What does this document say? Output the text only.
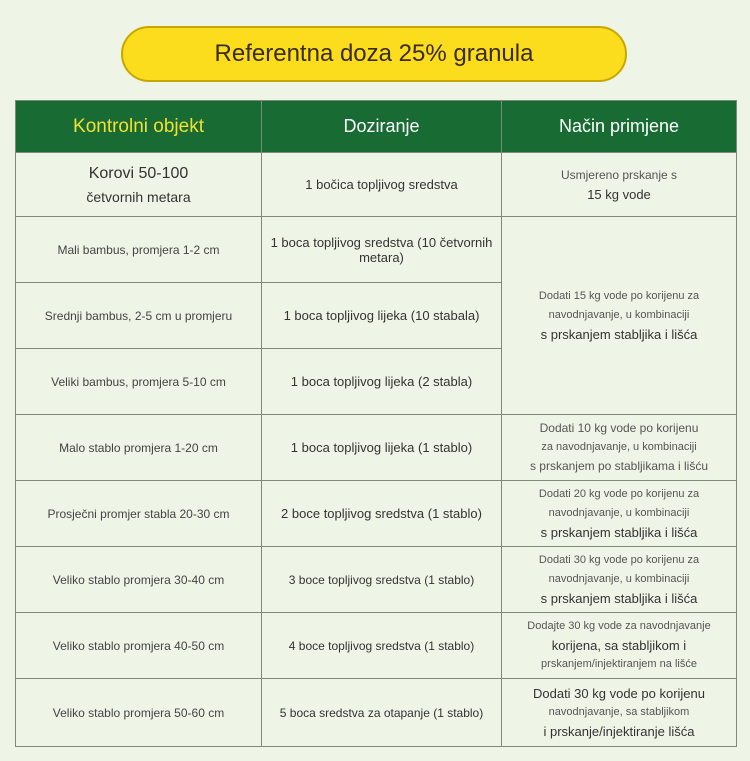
Referentna doza 25% granula
Kontrolni objekt	Doziranje	Način primjene
Korovi 50-100
četvornih metara	1 bočica topljivog sredstva	Usmjereno prskanje s
15 kg vode

Mali bambus, promjera 1-2 cm	1 boca topljivog sredstva (10 četvornih metara)	Dodati 15 kg vode po korijenu za
navodnjavanje, u kombinaciji
s prskanjem stabljika i lišća

Srednji bambus, 2-5 cm u promjeru	1 boca topljivog lijeka (10 stabala)	
Veliki bambus, promjera 5-10 cm	1 boca topljivog lijeka (2 stabla)	
Malo stablo promjera 1-20 cm	1 boca topljivog lijeka (1 stablo)	Dodati 10 kg vode po korijenu
za navodnjavanje, u kombinaciji
s prskanjem po stabljikama i lišću

Prosječni promjer stabla 20-30 cm	2 boce topljivog sredstva (1 stablo)	Dodati 20 kg vode po korijenu za
navodnjavanje, u kombinaciji
s prskanjem stabljika i lišća

Veliko stablo promjera 30-40 cm	3 boce topljivog sredstva (1 stablo)	Dodati 30 kg vode po korijenu za
navodnjavanje, u kombinaciji
s prskanjem stabljika i lišća

Veliko stablo promjera 40-50 cm	4 boce topljivog sredstva (1 stablo)	Dodajte 30 kg vode za navodnjavanje
korijena, sa stabljikom i
prskanjem/injektiranjem na lišće

Veliko stablo promjera 50-60 cm	5 boca sredstva za otapanje (1 stablo)	Dodati 30 kg vode po korijenu
navodnjavanje, sa stabljikom
i prskanje/injektiranje lišća
